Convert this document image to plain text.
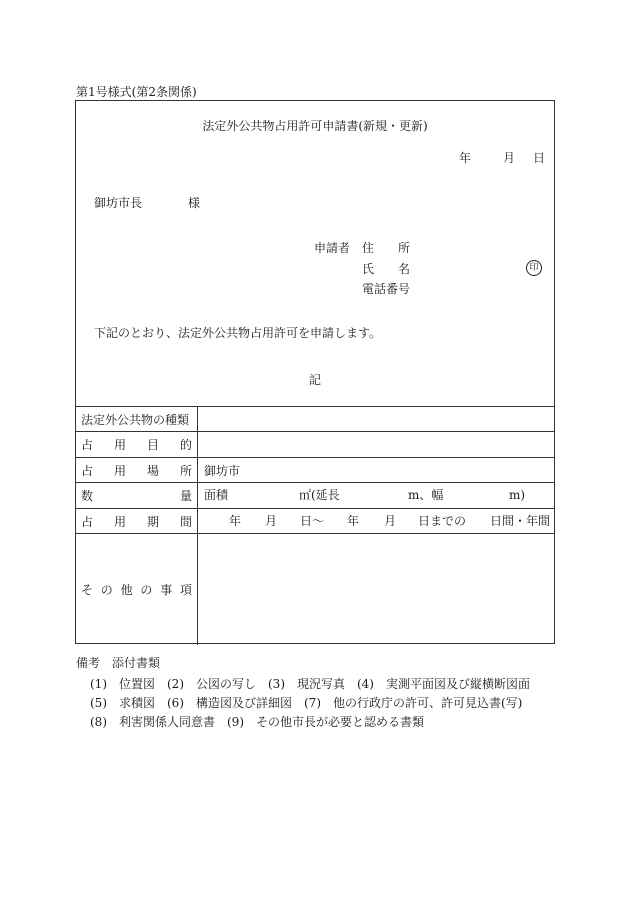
第1号様式(第2条関係)
法定外公共物占用許可申請書(新規・更新)
年	月 日
御坊市長	様
申請者 住　　所
氏　　名	印
電話番号
下記のとおり、法定外公共物占用許可を申請します。
記
法定外公共物の種類
占 用 目 的
占 用 場 所 御坊市
数	量 面積	㎡(延長	m、幅	m)
占 用 期 間	年 月 日～ 年 月 日までの 日間・年間
そ の 他 の 事 項
備考　添付書類
(1)　位置図　(2)　公図の写し　(3)　現況写真　(4)　実測平面図及び縦横断図面
(5)　求積図　(6)　構造図及び詳細図　(7)　他の行政庁の許可、許可見込書(写)
(8)　利害関係人同意書　(9)　その他市長が必要と認める書類
